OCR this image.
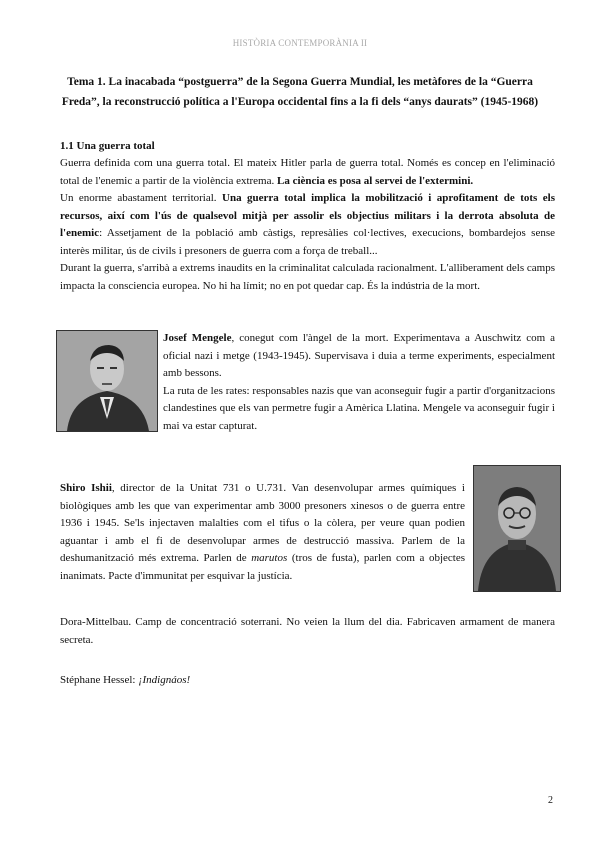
HISTÒRIA CONTEMPORÀNIA II
Tema 1. La inacabada “postguerra” de la Segona Guerra Mundial, les metàfores de la “Guerra
Freda”, la reconstrucció política a l'Europa occidental fins a la fi dels “anys daurats” (1945-1968)
1.1 Una guerra total

Guerra definida com una guerra total. El mateix Hitler parla de guerra total. Només es concep en l'eliminació total de l'enemic a partir de la violència extrema. La ciència es posa al servei de l'extermini.

Un enorme abastament territorial. Una guerra total implica la mobilització i aprofitament de tots els recursos, així com l'ús de qualsevol mitjà per assolir els objectius militars i la derrota absoluta de l'enemic: Assetjament de la població amb càstigs, represàlies col·lectives, execucions, bombardejos sense interès militar, ús de civils i presoners de guerra com a força de treball...

Durant la guerra, s'arribà a extrems inaudits en la criminalitat calculada racionalment. L'alliberament dels camps impacta la consciencia europea. No hi ha límit; no en pot quedar cap. És la indústria de la mort.

Josef Mengele, conegut com l'àngel de la mort. Experimentava a Auschwitz com a oficial nazi i metge (1943-1945). Supervisava i duia a terme experiments, especialment amb bessons.

La ruta de les rates: responsables nazis que van aconseguir fugir a partir d'organitzacions clandestines que els van permetre fugir a Amèrica Llatina. Mengele va aconseguir fugir i mai va estar capturat.

Shiro Ishii, director de la Unitat 731 o U.731. Van desenvolupar armes químiques i biològiques amb les que van experimentar amb 3000 presoners xinesos o de guerra entre 1936 i 1945. Se'ls injectaven malalties com el tifus o la còlera, per veure quan podien aguantar i amb el fi de desenvolupar armes de destrucció massiva. Parlem de la deshumanització més extrema. Parlen de marutos (tros de fusta), parlen com a objectes inanimats. Pacte d'immunitat per esquivar la justícia.

Dora-Mittelbau. Camp de concentració soterrani. No veien la llum del dia. Fabricaven armament de manera secreta.

Stéphane Hessel: ¡Indignáos!

2
